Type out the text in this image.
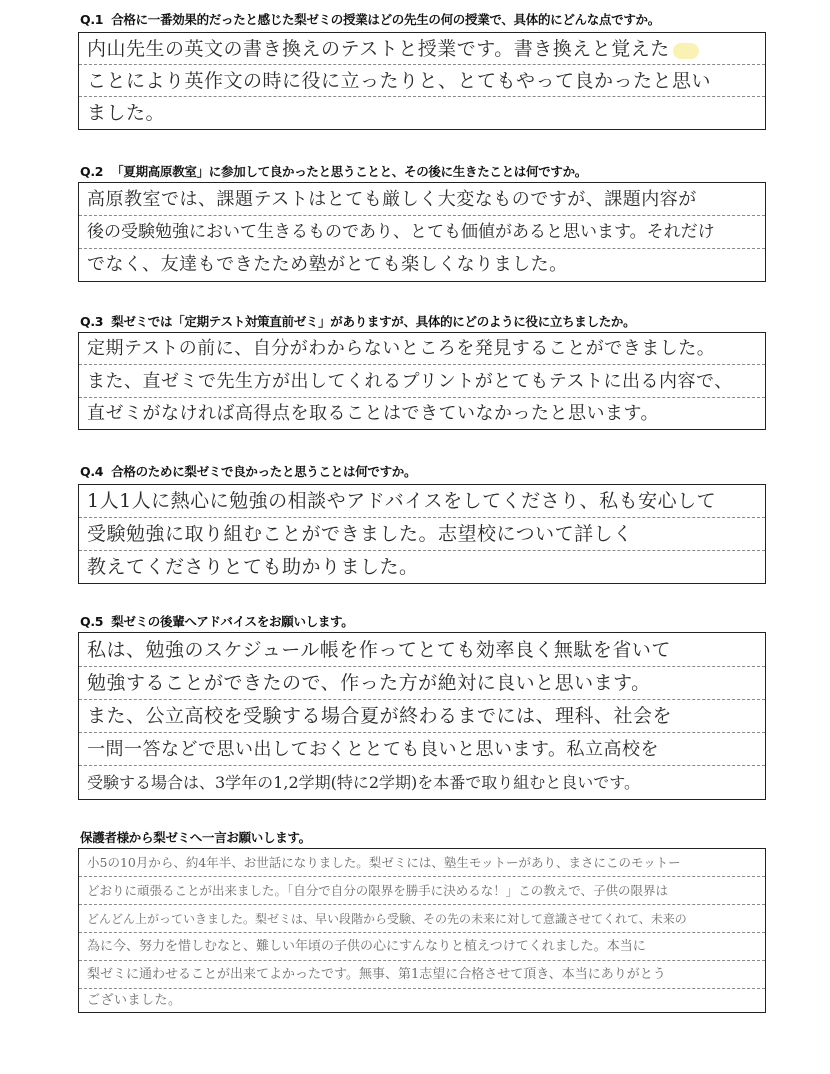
Q.1 合格に一番効果的だったと感じた梨ゼミの授業はどの先生の何の授業で、具体的にどんな点ですか。
内山先生の英文の書き換えのテストと授業です。書き換えと覚えた
ことにより英作文の時に役に立ったりと、とてもやって良かったと思い
ました。
Q.2 「夏期高原教室」に参加して良かったと思うことと、その後に生きたことは何ですか。
高原教室では、課題テストはとても厳しく大変なものですが、課題内容が
後の受験勉強において生きるものであり、とても価値があると思います。それだけ
でなく、友達もできたため塾がとても楽しくなりました。
Q.3 梨ゼミでは「定期テスト対策直前ゼミ」がありますが、具体的にどのように役に立ちましたか。
定期テストの前に、自分がわからないところを発見することができました。
また、直ゼミで先生方が出してくれるプリントがとてもテストに出る内容で、
直ゼミがなければ高得点を取ることはできていなかったと思います。
Q.4 合格のために梨ゼミで良かったと思うことは何ですか。
1人1人に熱心に勉強の相談やアドバイスをしてくださり、私も安心して
受験勉強に取り組むことができました。志望校について詳しく
教えてくださりとても助かりました。
Q.5 梨ゼミの後輩へアドバイスをお願いします。
私は、勉強のスケジュール帳を作ってとても効率良く無駄を省いて
勉強することができたので、作った方が絶対に良いと思います。
また、公立高校を受験する場合夏が終わるまでには、理科、社会を
一問一答などで思い出しておくととても良いと思います。私立高校を
受験する場合は、3学年の1,2学期(特に2学期)を本番で取り組むと良いです。
保護者様から梨ゼミへ一言お願いします。
小5の10月から、約4年半、お世話になりました。梨ゼミには、塾生モットーがあり、まさにこのモットー
どおりに頑張ることが出来ました。「自分で自分の限界を勝手に決めるな！」この教えで、子供の限界は
どんどん上がっていきました。梨ゼミは、早い段階から受験、その先の未来に対して意識させてくれて、未来の
為に今、努力を惜しむなと、難しい年頃の子供の心にすんなりと植えつけてくれました。本当に
梨ゼミに通わせることが出来てよかったです。無事、第1志望に合格させて頂き、本当にありがとう
ございました。
